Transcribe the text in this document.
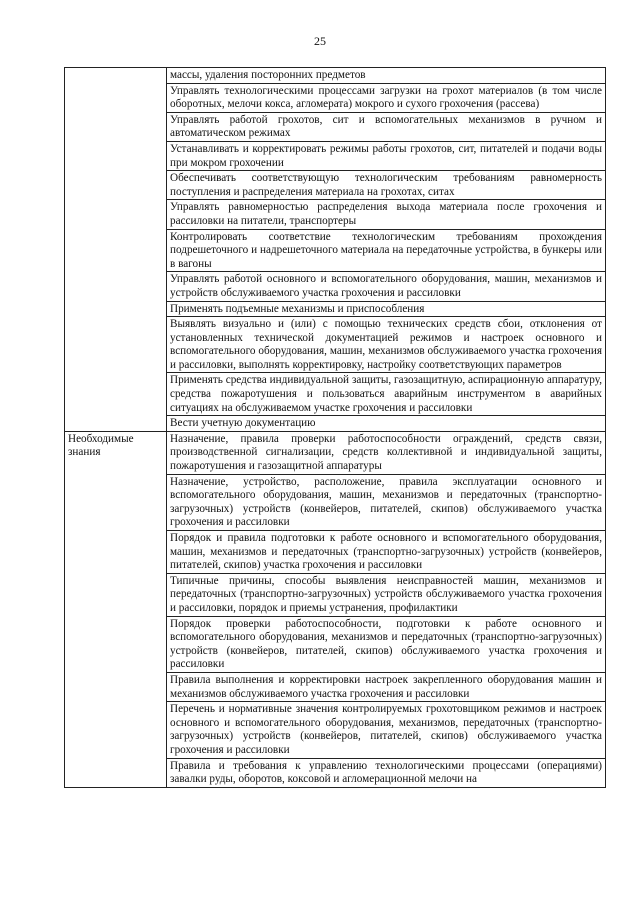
25
	массы, удаления посторонних предметов
	Управлять технологическими процессами загрузки на грохот материалов (в том числе оборотных, мелочи кокса, агломерата) мокрого и сухого грохочения (рассева)
	Управлять работой грохотов, сит и вспомогательных механизмов в ручном и автоматическом режимах
	Устанавливать и корректировать режимы работы грохотов, сит, питателей и подачи воды при мокром грохочении
	Обеспечивать соответствующую технологическим требованиям равномерность поступления и распределения материала на грохотах, ситах
	Управлять равномерностью распределения выхода материала после грохочения и рассиловки на питатели, транспортеры
	Контролировать соответствие технологическим требованиям прохождения подрешеточного и надрешеточного материала на передаточные устройства, в бункеры или в вагоны
	Управлять работой основного и вспомогательного оборудования, машин, механизмов и устройств обслуживаемого участка грохочения и рассиловки
	Применять подъемные механизмы и приспособления
	Выявлять визуально и (или) с помощью технических средств сбои, отклонения от установленных технической документацией режимов и настроек основного и вспомогательного оборудования, машин, механизмов обслуживаемого участка грохочения и рассиловки, выполнять корректировку, настройку соответствующих параметров
	Применять средства индивидуальной защиты, газозащитную, аспирационную аппаратуру, средства пожаротушения и пользоваться аварийным инструментом в аварийных ситуациях на обслуживаемом участке грохочения и рассиловки
	Вести учетную документацию
Необходимые знания	Назначение, правила проверки работоспособности ограждений, средств связи, производственной сигнализации, средств коллективной и индивидуальной защиты, пожаротушения и газозащитной аппаратуры
	Назначение, устройство, расположение, правила эксплуатации основного и вспомогательного оборудования, машин, механизмов и передаточных (транспортно-загрузочных) устройств (конвейеров, питателей, скипов) обслуживаемого участка грохочения и рассиловки
	Порядок и правила подготовки к работе основного и вспомогательного оборудования, машин, механизмов и передаточных (транспортно-загрузочных) устройств (конвейеров, питателей, скипов) участка грохочения и рассиловки
	Типичные причины, способы выявления неисправностей машин, механизмов и передаточных (транспортно-загрузочных) устройств обслуживаемого участка грохочения и рассиловки, порядок и приемы устранения, профилактики
	Порядок проверки работоспособности, подготовки к работе основного и вспомогательного оборудования, механизмов и передаточных (транспортно-загрузочных) устройств (конвейеров, питателей, скипов) обслуживаемого участка грохочения и рассиловки
	Правила выполнения и корректировки настроек закрепленного оборудования машин и механизмов обслуживаемого участка грохочения и рассиловки
	Перечень и нормативные значения контролируемых грохотовщиком режимов и настроек основного и вспомогательного оборудования, механизмов, передаточных (транспортно-загрузочных) устройств (конвейеров, питателей, скипов) обслуживаемого участка грохочения и рассиловки
	Правила и требования к управлению технологическими процессами (операциями) завалки руды, оборотов, коксовой и агломерационной мелочи на
